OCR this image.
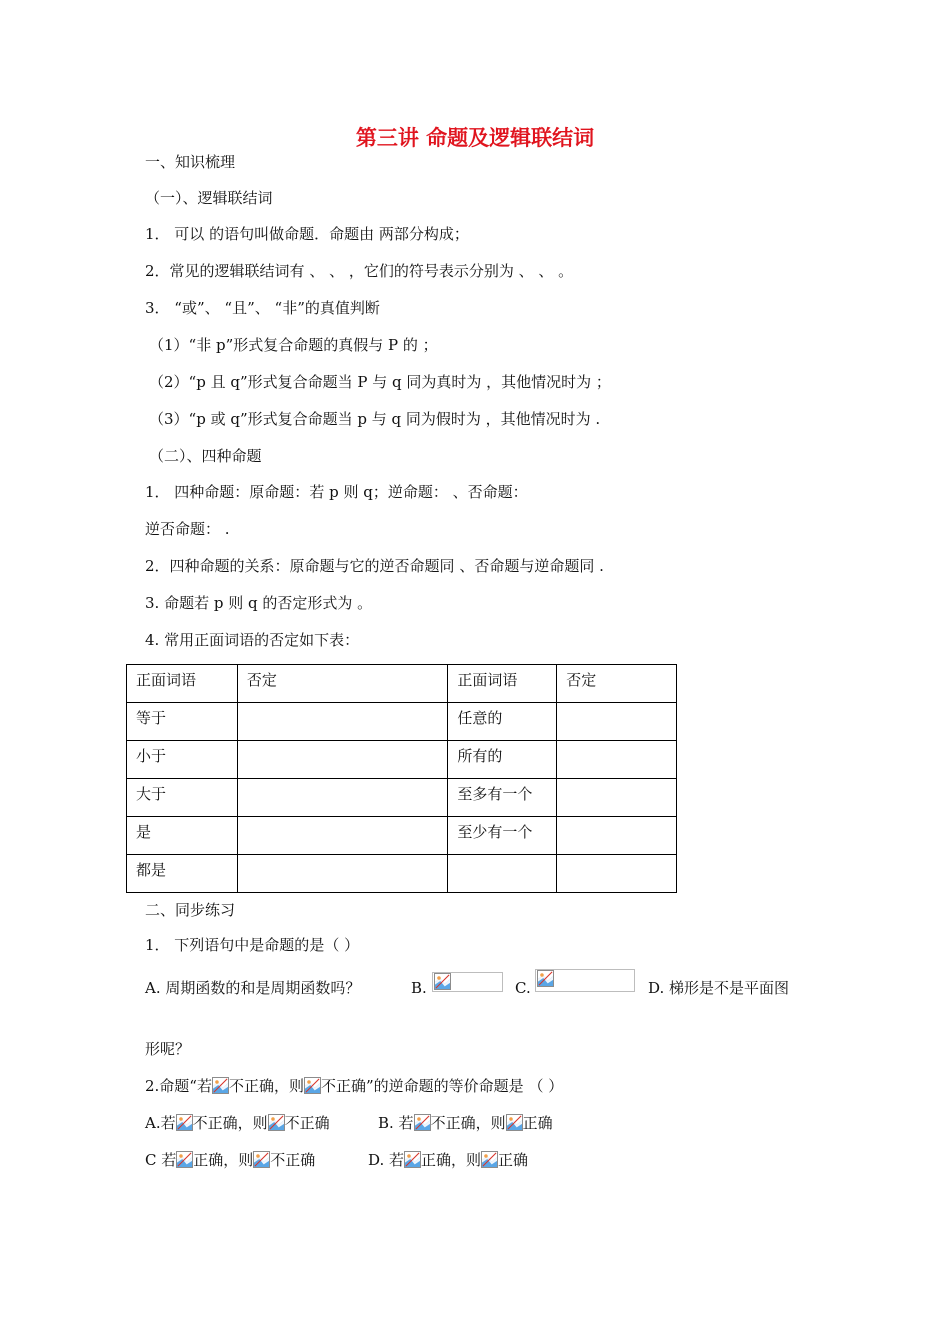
第三讲 命题及逻辑联结词
一、知识梳理
（一）、逻辑联结词
1． 可以 的语句叫做命题．命题由 两部分构成；
2．常见的逻辑联结词有 、 、 ，它们的符号表示分别为 、 、 。
3． “或”、 “且”、 “非”的真值判断
（1）“非 p”形式复合命题的真假与 P 的 ；
（2）“p 且 q”形式复合命题当 P 与 q 同为真时为 ，其他情况时为 ；
（3）“p 或 q”形式复合命题当 p 与 q 同为假时为 ，其他情况时为 .
（二）、四种命题
1． 四种命题：原命题：若 p 则 q；逆命题： 、否命题：
逆否命题： .
2．四种命题的关系：原命题与它的逆否命题同 、否命题与逆命题同 .
3. 命题若 p 则 q 的否定形式为 。
4. 常用正面词语的否定如下表：
正面词语	否定	正面词语	否定
等于		任意的	
小于		所有的	
大于		至多有一个	
是		至少有一个	
都是			
二、同步练习
1． 下列语句中是命题的是（ ）
A. 周期函数的和是周期函数吗？	B.	C.	D. 梯形是不是平面图
形呢？
2.命题“若 不正确，则 不正确”的逆命题的等价命题是 （ ）
A.若 不正确，则 不正确	B. 若 不正确，则 正确
C 若 正确，则 不正确	D. 若 正确，则 正确
